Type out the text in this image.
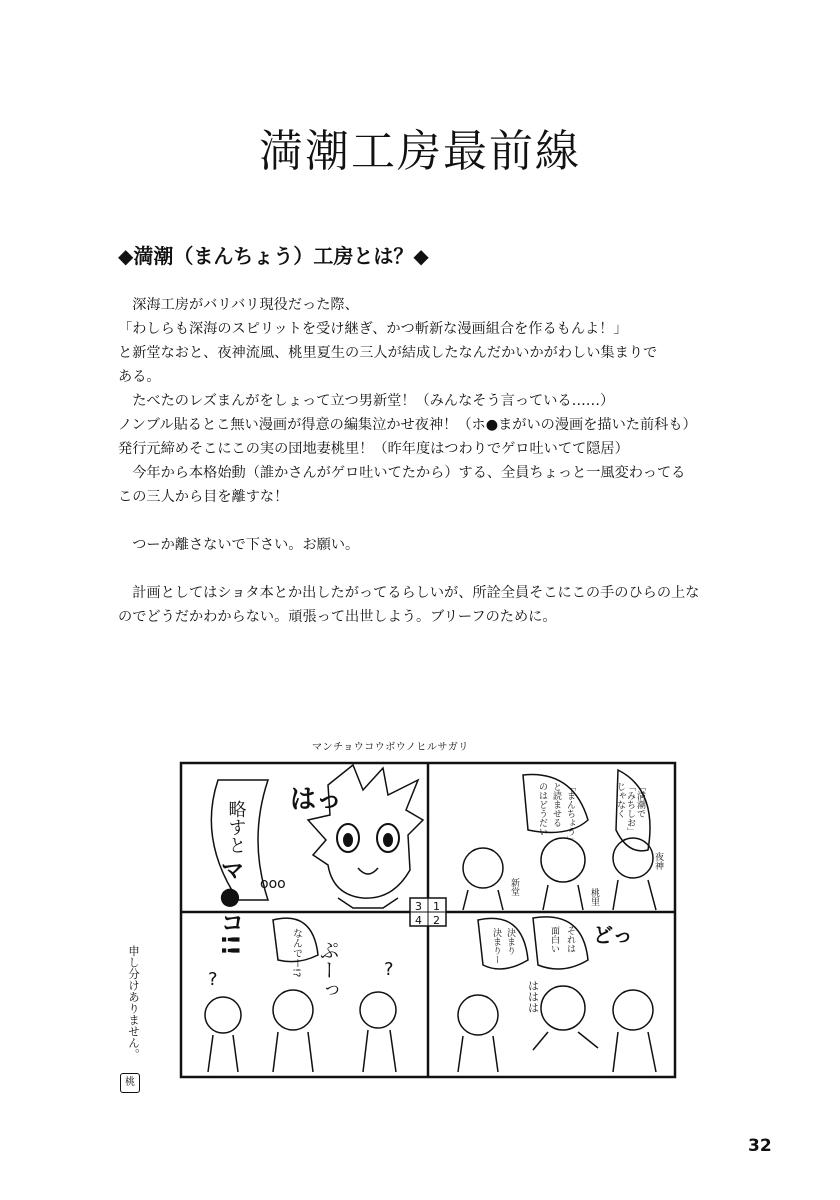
満潮工房最前線
◆満潮（まんちょう）工房とは？◆

　深海工房がバリバリ現役だった際、

「わしらも深海のスピリットを受け継ぎ、かつ斬新な漫画組合を作るもんよ！」

と新堂なおと、夜神流風、桃里夏生の三人が結成したなんだかいかがわしい集まりで

ある。

　たべたのレズまんがをしょって立つ男新堂！（みんなそう言っている……）

ノンブル貼るとこ無い漫画が得意の編集泣かせ夜神！（ホ●まがいの漫画を描いた前科も）

発行元締めそこにこの実の団地妻桃里！（昨年度はつわりでゲロ吐いてて隠居）

　今年から本格始動（誰かさんがゲロ吐いてたから）する、全員ちょっと一風変わってる

この三人から目を離すな！

　つーか離さないで下さい。お願い。

　計画としてはショタ本とか出したがってるらしいが、所詮全員そこにこの手のひらの上な

のでどうだかわからない。頑張って出世しよう。ブリーフのために。

マンチョウコウボウノヒルサガリ
3 1
4 2
略すと
マ●コ!!
はっ
ooo
「満潮で
「みちしお」
じゃなく
「まんちょう」
と読ませる
のはどうだい
新堂
桃里
夜神
なんでー!? ぷーっ
?	?
決まり
決まりー	それは
面白い どっ
ははは
申し分けありません。
桃
32
